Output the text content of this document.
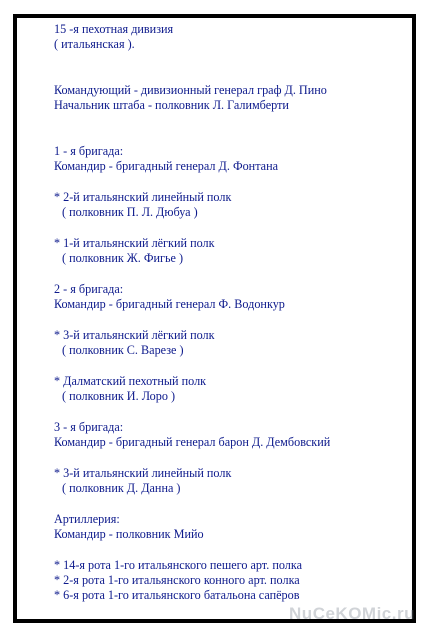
15 -я пехотная дивизия
( итальянская ).
Командующий - дивизионный генерал граф Д. Пино
Начальник штаба - полковник Л. Галимберти
1 - я бригада:
Командир - бригадный генерал Д. Фонтана
* 2-й итальянский линейный полк
( полковник П. Л. Дюбуа )
* 1-й итальянский лёгкий полк
( полковник Ж. Фигье )
2 - я бригада:
Командир - бригадный генерал Ф. Водонкур
* 3-й итальянский лёгкий полк
( полковник С. Варезе )
* Далматский пехотный полк
( полковник И. Лоро )
3 - я бригада:
Командир - бригадный генерал барон Д. Дембовский
* 3-й итальянский линейный полк
( полковник Д. Данна )
Артиллерия:
Командир - полковник Мийо
* 14-я рота 1-го итальянского пешего арт. полка
* 2-я рота 1-го итальянского конного арт. полка
* 6-я рота 1-го итальянского батальона сапёров
NuCeKOMic.ru
